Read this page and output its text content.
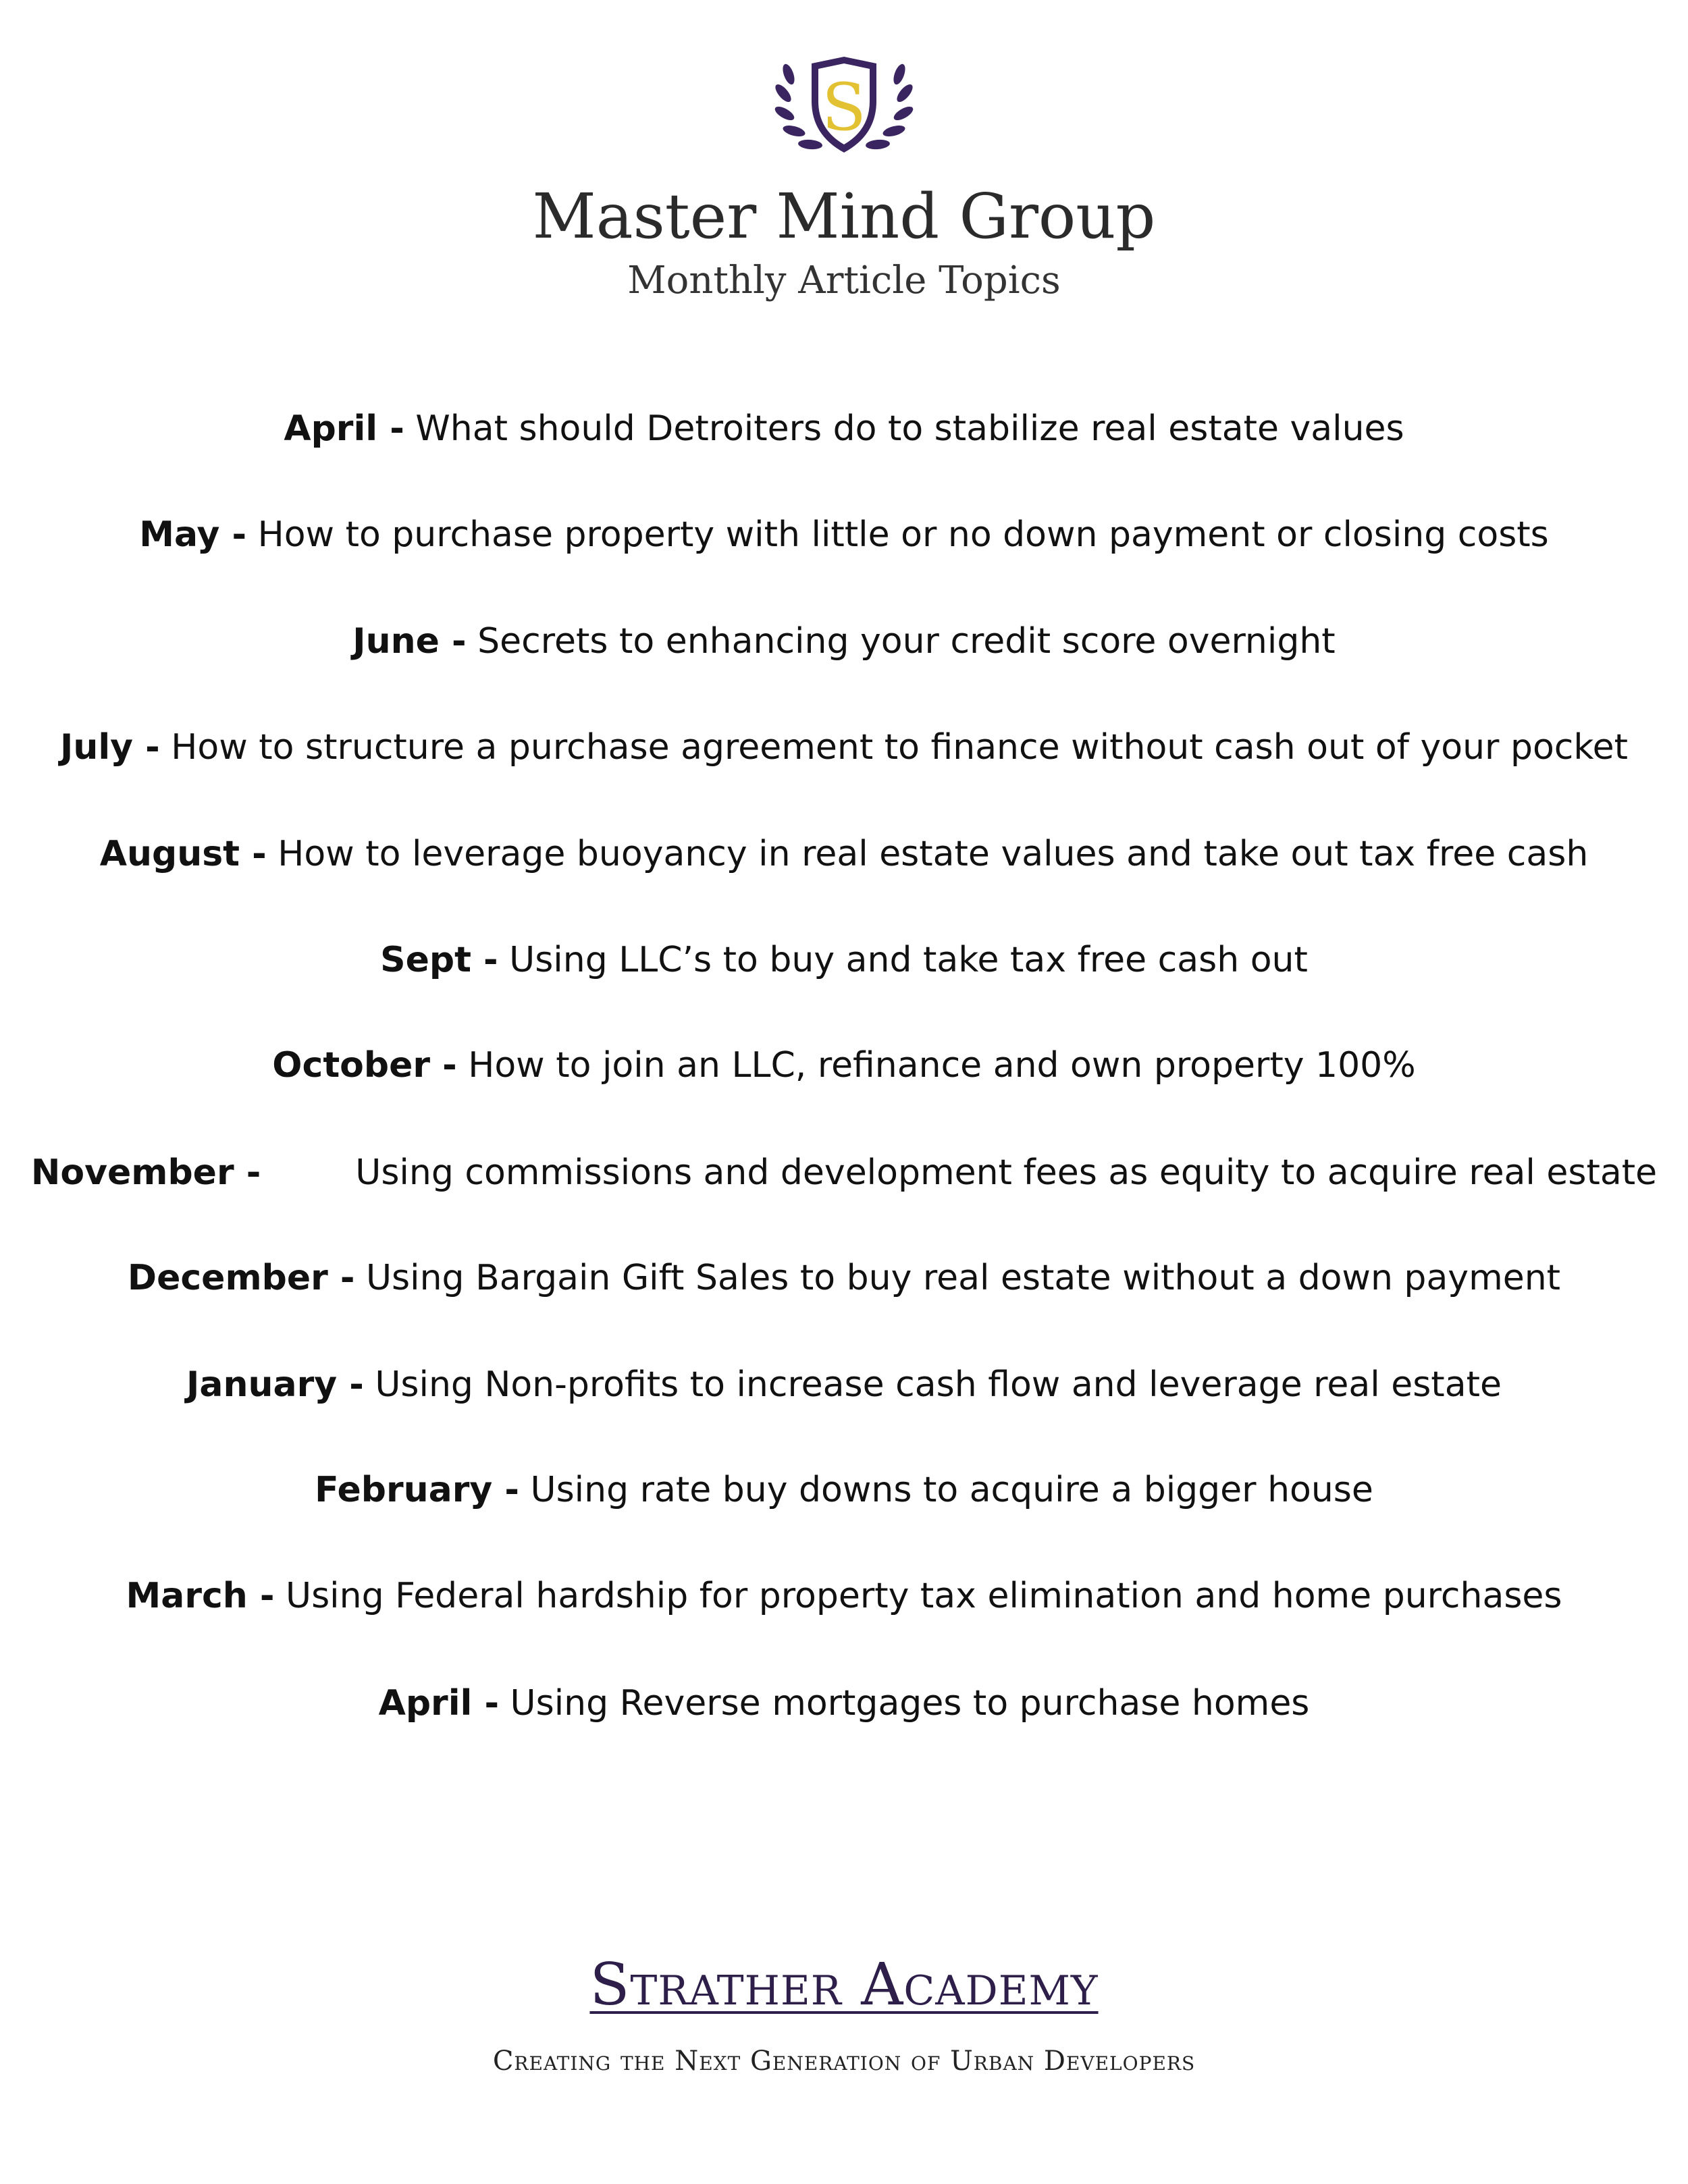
S
Master Mind Group
Monthly Article Topics
April - What should Detroiters do to stabilize real estate values
May - How to purchase property with little or no down payment or closing costs
June - Secrets to enhancing your credit score overnight
July - How to structure a purchase agreement to finance without cash out of your pocket
August - How to leverage buoyancy in real estate values and take out tax free cash
Sept - Using LLC’s to buy and take tax free cash out
October - How to join an LLC, refinance and own property 100%
November -	Using commissions and development fees as equity to acquire real estate
December - Using Bargain Gift Sales to buy real estate without a down payment
January - Using Non-profits to increase cash flow and leverage real estate
February - Using rate buy downs to acquire a bigger house
March - Using Federal hardship for property tax elimination and home purchases
April - Using Reverse mortgages to purchase homes
Strather Academy
Creating the Next Generation of Urban Developers
